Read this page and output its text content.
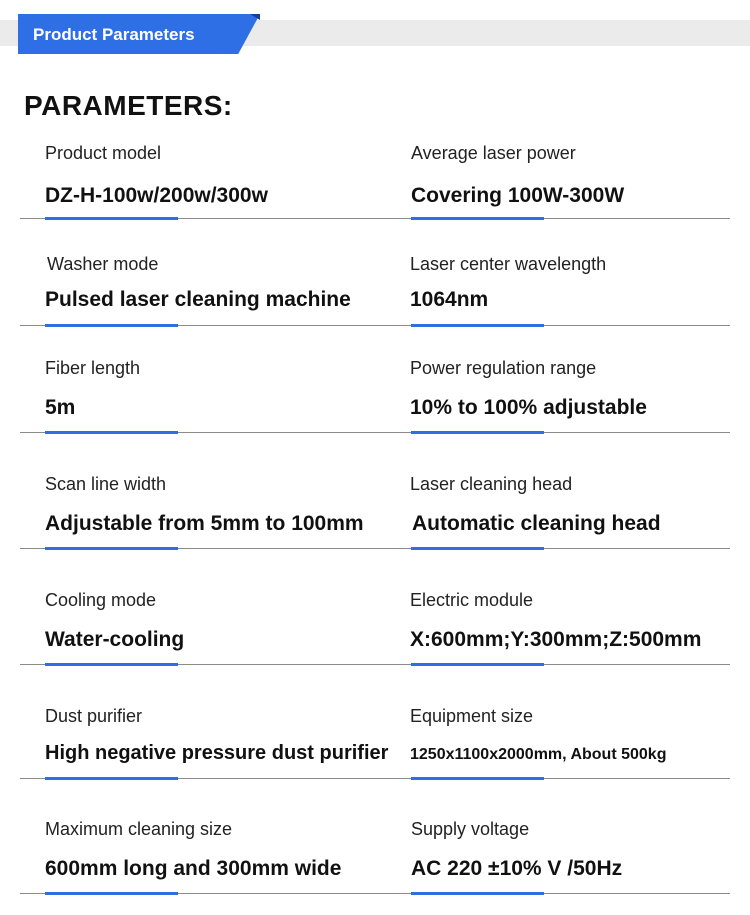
Product Parameters
PARAMETERS:
Product model
DZ-H-100w/200w/300w
Average laser power
Covering 100W-300W
Washer mode
Pulsed laser cleaning machine
Laser center wavelength
1064nm
Fiber length
5m
Power regulation range
10% to 100% adjustable
Scan line width
Adjustable from 5mm to 100mm
Laser cleaning head
Automatic cleaning head
Cooling mode
Water-cooling
Electric module
X:600mm;Y:300mm;Z:500mm
Dust purifier
High negative pressure dust purifier
Equipment size
1250x1100x2000mm, About 500kg
Maximum cleaning size
600mm long and 300mm wide
Supply voltage
AC 220 ±10% V /50Hz
